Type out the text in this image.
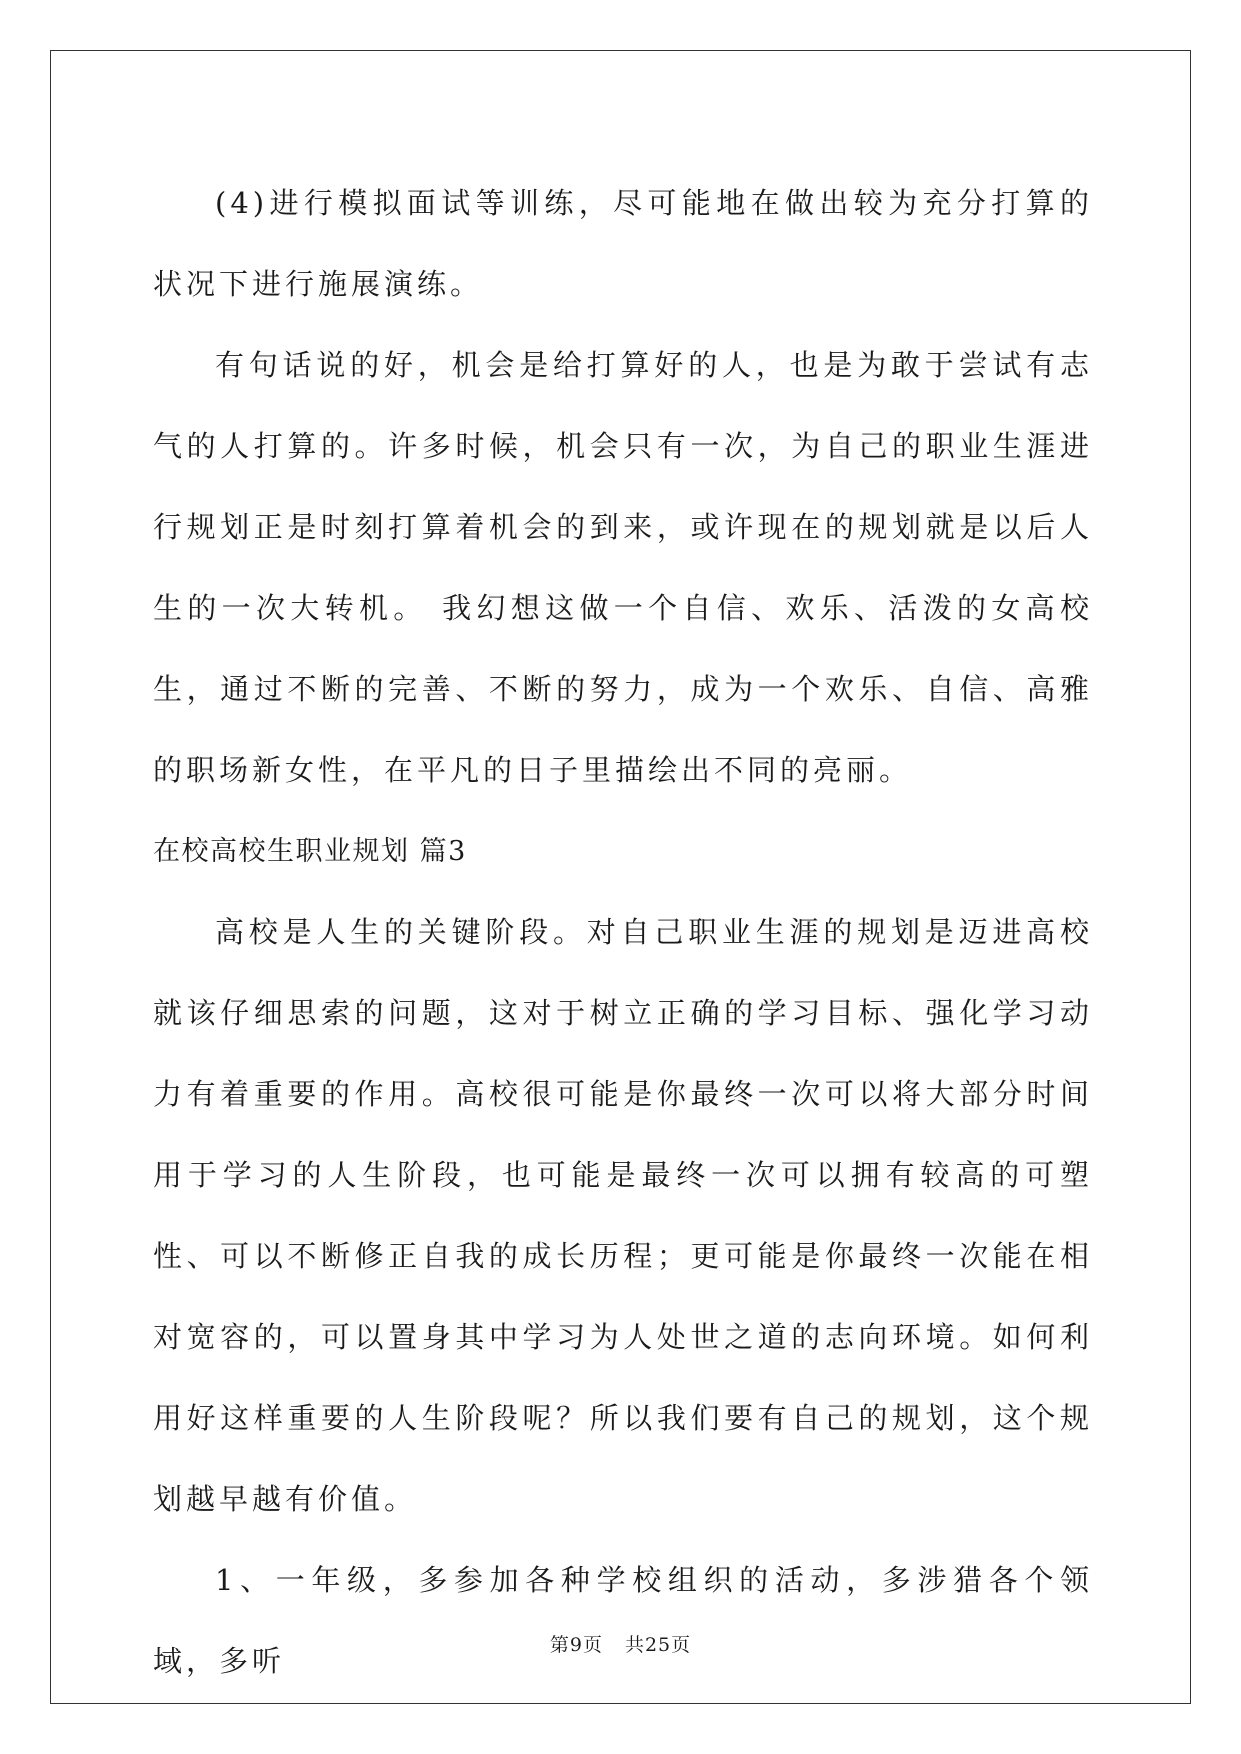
(4)进行模拟面试等训练，尽可能地在做出较为充分打算的状况下进行施展演练。

有句话说的好，机会是给打算好的人，也是为敢于尝试有志气的人打算的。许多时候，机会只有一次，为自己的职业生涯进行规划正是时刻打算着机会的到来，或许现在的规划就是以后人生的一次大转机。 我幻想这做一个自信、欢乐、活泼的女高校生，通过不断的完善、不断的努力，成为一个欢乐、自信、高雅的职场新女性，在平凡的日子里描绘出不同的亮丽。

在校高校生职业规划 篇3

高校是人生的关键阶段。对自己职业生涯的规划是迈进高校就该仔细思索的问题，这对于树立正确的学习目标、强化学习动力有着重要的作用。高校很可能是你最终一次可以将大部分时间用于学习的人生阶段，也可能是最终一次可以拥有较高的可塑性、可以不断修正自我的成长历程；更可能是你最终一次能在相对宽容的，可以置身其中学习为人处世之道的志向环境。如何利用好这样重要的人生阶段呢？所以我们要有自己的规划，这个规划越早越有价值。

1、一年级，多参加各种学校组织的活动，多涉猎各个领域，多听	第9页 共25页
